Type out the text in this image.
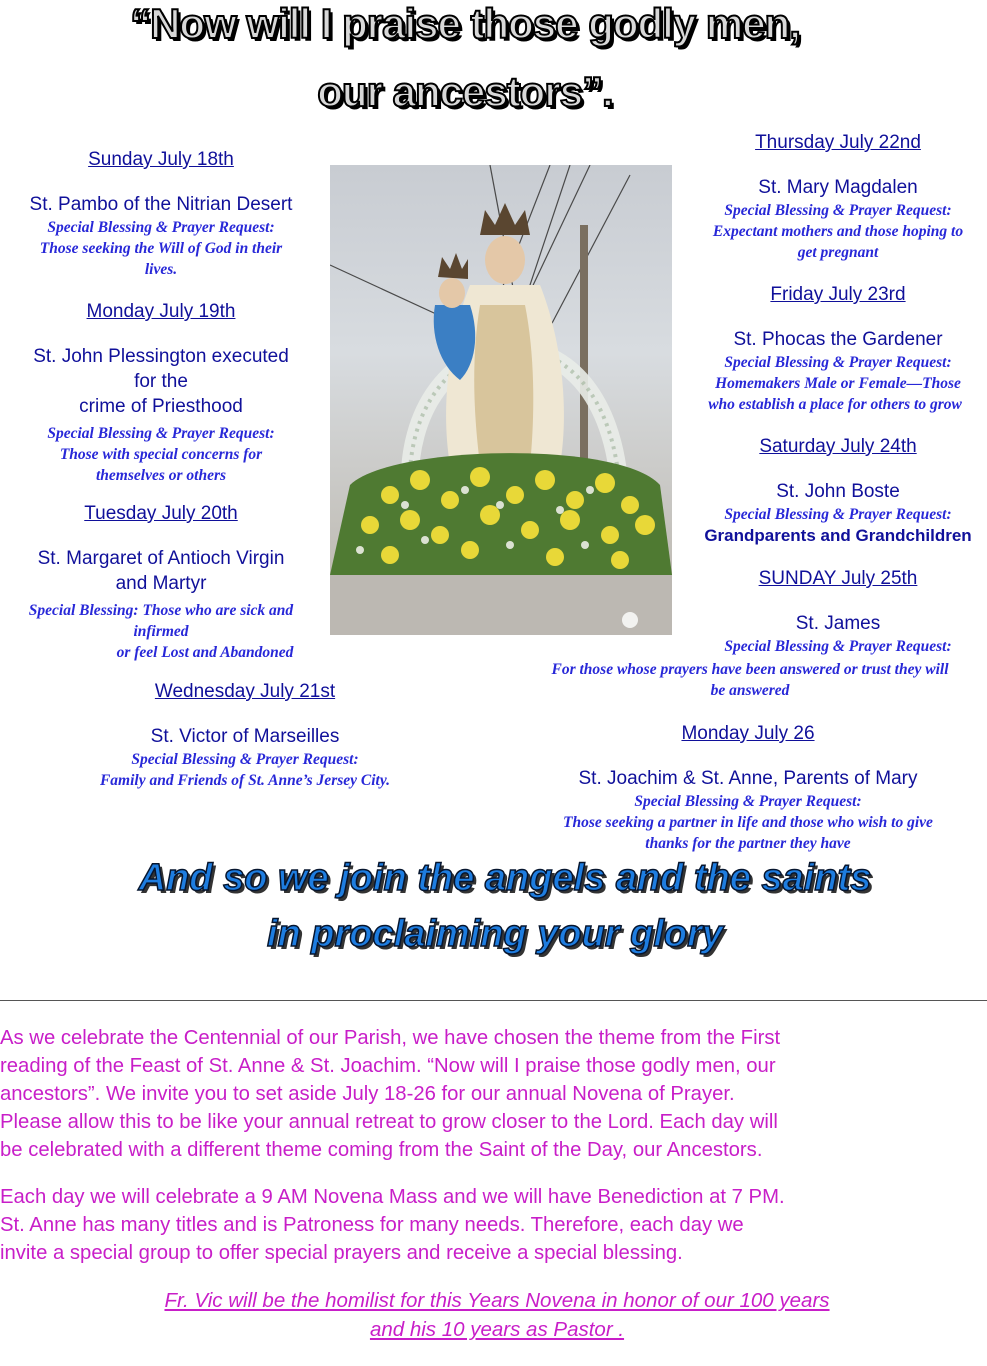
“Now will I praise those godly men,
our ancestors”.

Sunday July 18th

St. Pambo of the Nitrian Desert

Special Blessing & Prayer Request:

Those seeking the Will of God in their

lives.

Monday July 19th

St. John Plessington executed

for the

crime of Priesthood

Special Blessing & Prayer Request:

Those with special concerns for

themselves or others

Tuesday July 20th

St. Margaret of Antioch Virgin

and Martyr

Special Blessing: Those who are sick and

infirmed

or feel Lost and Abandoned

Wednesday July 21st

St. Victor of Marseilles

Special Blessing & Prayer Request:

Family and Friends of St. Anne’s Jersey City.

Thursday July 22nd

St. Mary Magdalen

Special Blessing & Prayer Request:

Expectant mothers and those hoping to

get pregnant

Friday July 23rd

St. Phocas the Gardener

Special Blessing & Prayer Request:

Homemakers Male or Female—Those

who establish a place for others to grow

Saturday July 24th

St. John Boste

Special Blessing & Prayer Request:

Grandparents and Grandchildren

SUNDAY July 25th

St. James

Special Blessing & Prayer Request:

For those whose prayers have been answered or trust they will

be answered

Monday July 26

St. Joachim & St. Anne, Parents of Mary

Special Blessing & Prayer Request:

Those seeking a partner in life and those who wish to give

thanks for the partner they have

And so we join the angels and the saints
in proclaiming your glory
As we celebrate the Centennial of our Parish, we have chosen the theme from the First
reading of the Feast of St. Anne & St. Joachim. “Now will I praise those godly men, our
ancestors”. We invite you to set aside July 18-26 for our annual Novena of Prayer.
Please allow this to be like your annual retreat to grow closer to the Lord. Each day will
be celebrated with a different theme coming from the Saint of the Day, our Ancestors.
Each day we will celebrate a 9 AM Novena Mass and we will have Benediction at 7 PM.
St. Anne has many titles and is Patroness for many needs. Therefore, each day we
invite a special group to offer special prayers and receive a special blessing.
Fr. Vic will be the homilist for this Years Novena in honor of our 100 years
and his 10 years as Pastor .
